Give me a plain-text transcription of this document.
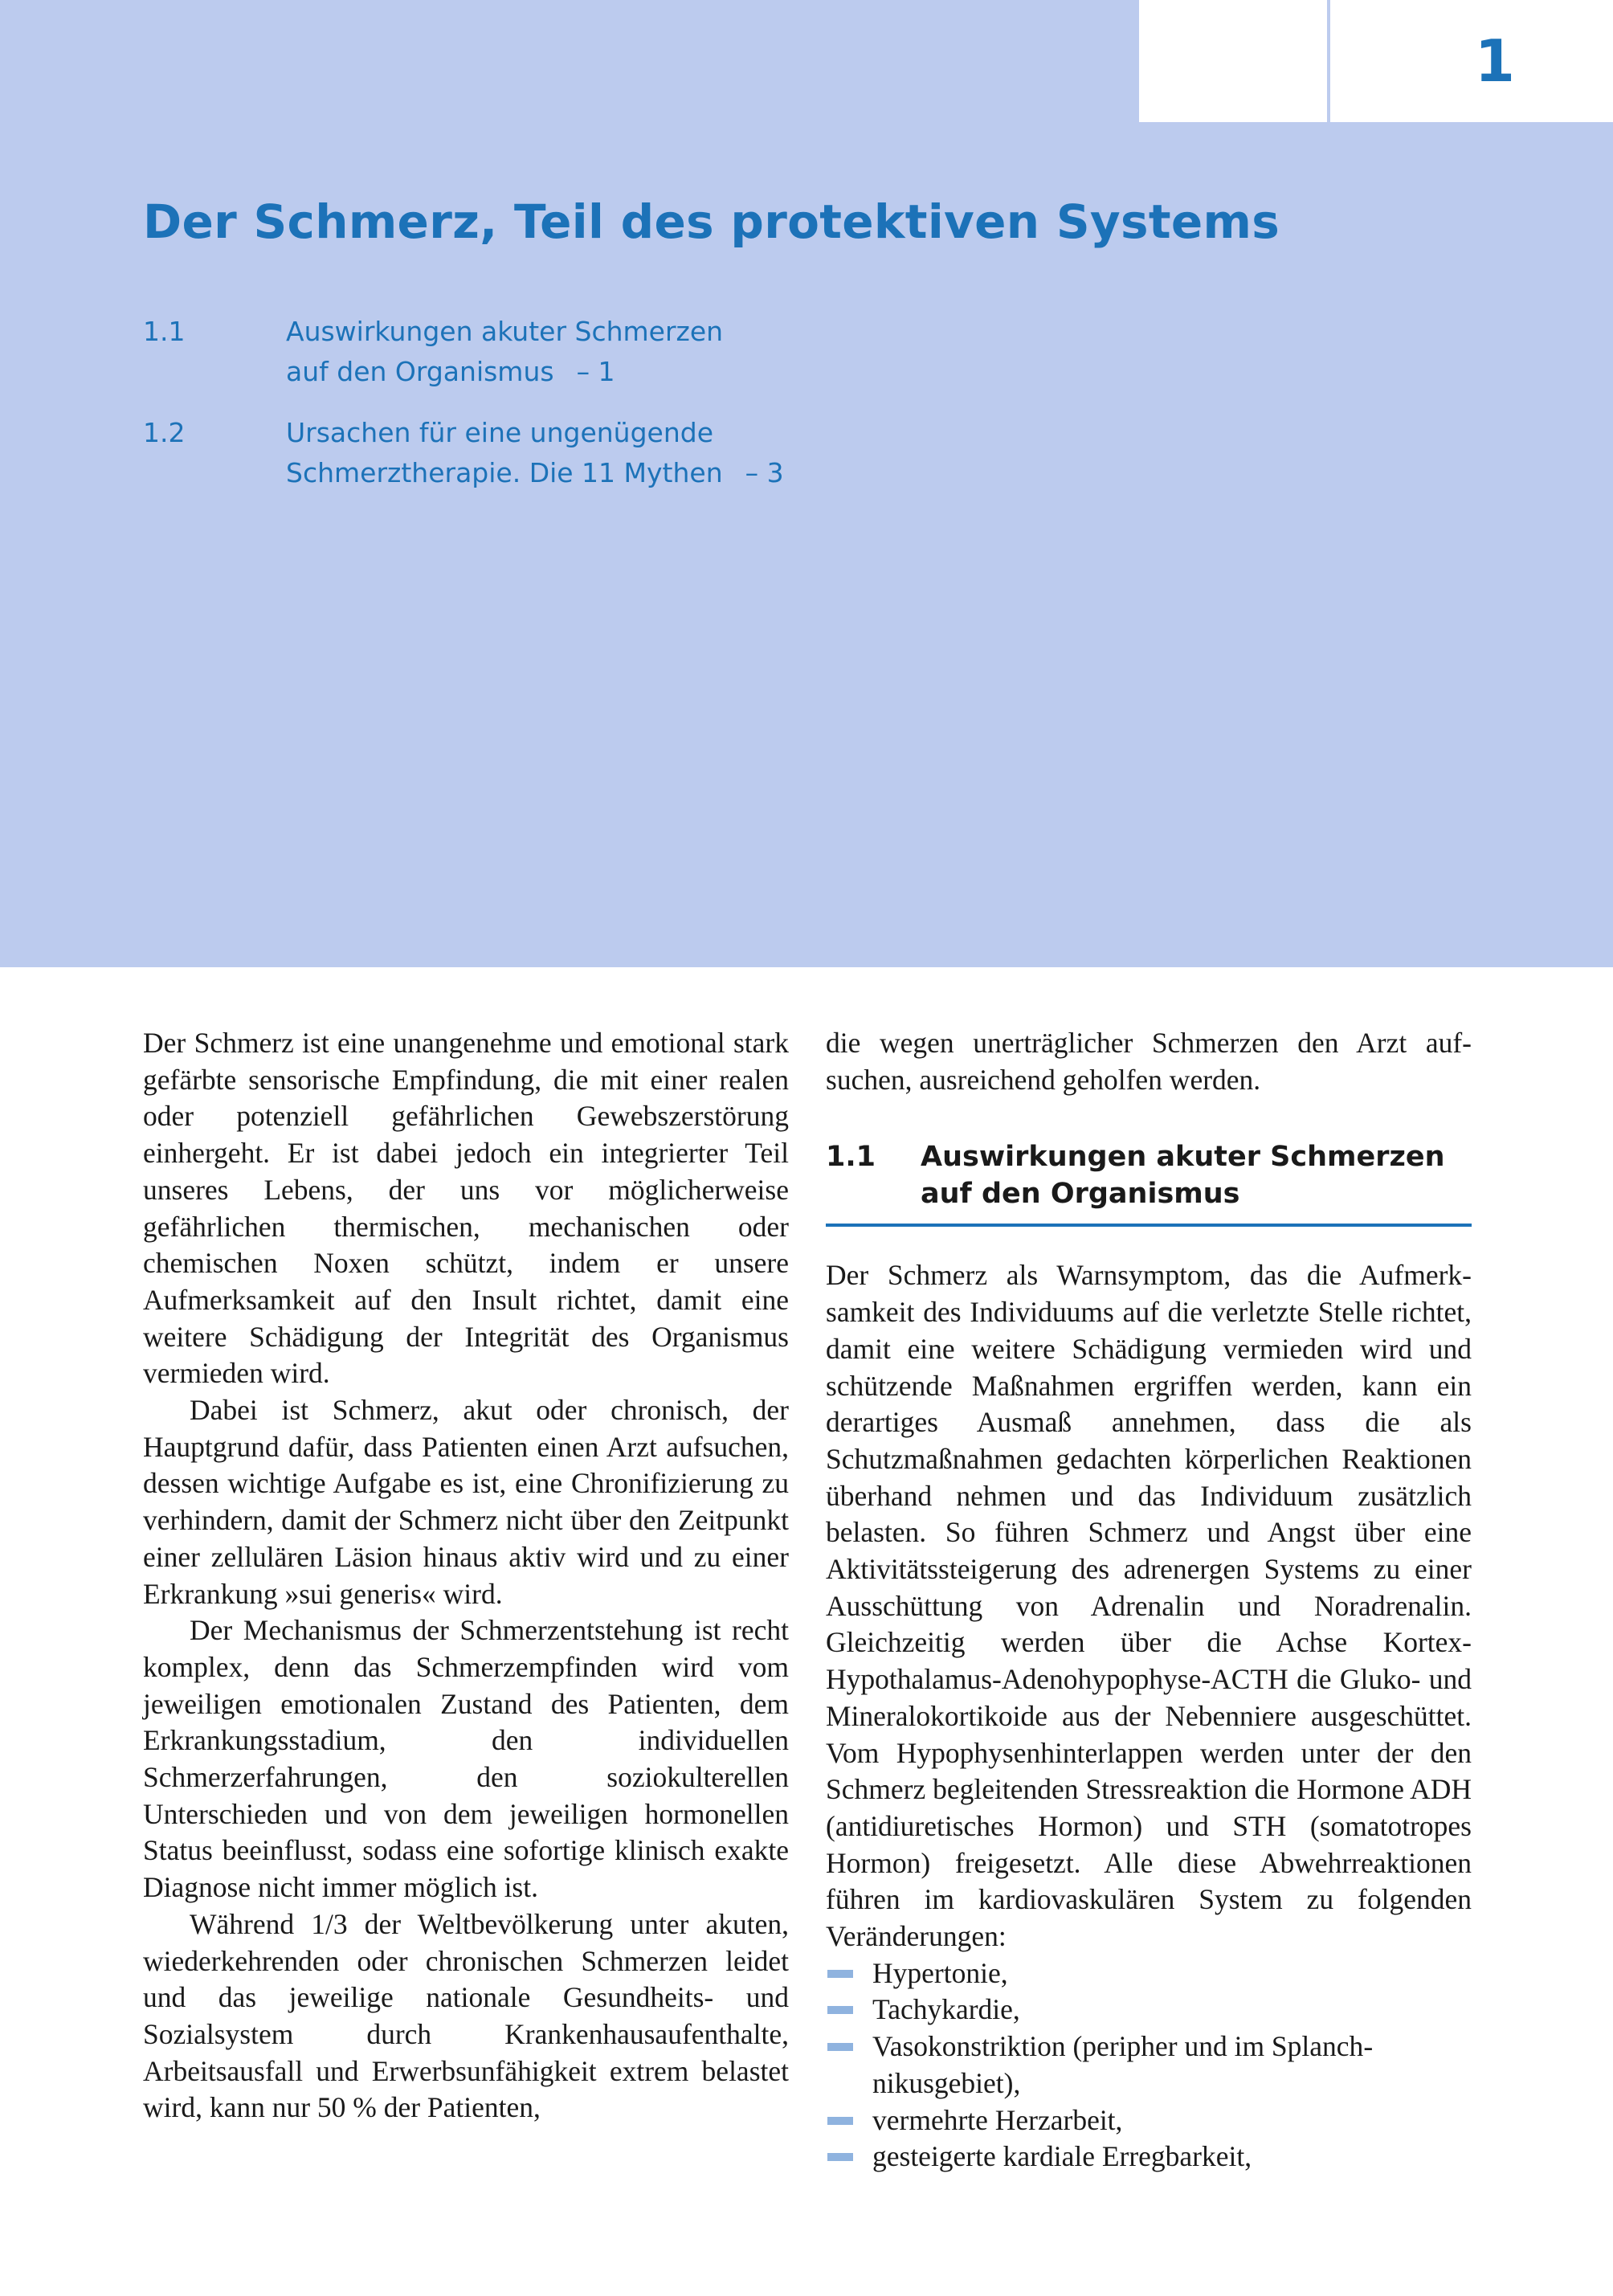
1
Der Schmerz, Teil des protektiven Systems
1.1	Auswirkungen akuter Schmerzen
auf den Organismus – 1
1.2	Ursachen für eine ungenügende
Schmerztherapie. Die 11 Mythen – 3

Der Schmerz ist eine unangenehme und emotional stark gefärbte sensorische Empfindung, die mit einer realen oder potenziell gefährlichen Gewebszerstörung einhergeht. Er ist dabei jedoch ein integrierter Teil unseres Lebens, der uns vor möglicherweise gefährlichen thermischen, mechanischen oder chemischen Noxen schützt, indem er unsere Aufmerksamkeit auf den Insult richtet, damit eine weitere Schädigung der Integrität des Organismus vermieden wird.

Dabei ist Schmerz, akut oder chronisch, der Hauptgrund dafür, dass Patienten einen Arzt aufsuchen, dessen wichtige Aufgabe es ist, eine Chronifizierung zu verhindern, damit der Schmerz nicht über den Zeitpunkt einer zellulären Läsion hinaus aktiv wird und zu einer Erkrankung »sui generis« wird.

Der Mechanismus der Schmerzentstehung ist recht komplex, denn das Schmerzempfinden wird vom jeweiligen emotionalen Zustand des Patienten, dem Erkrankungsstadium, den individuellen Schmerzerfahrungen, den soziokulterellen Unterschieden und von dem jeweiligen hormonellen Status beeinflusst, sodass eine sofortige klinisch exakte Diagnose nicht immer möglich ist.

Während 1/3 der Weltbevölkerung unter akuten, wiederkehrenden oder chronischen Schmerzen leidet und das jeweilige nationale Gesundheits- und Sozialsystem durch Krankenhausaufenthalte, Arbeitsausfall und Erwerbsunfähigkeit extrem belastet wird, kann nur 50 % der Patienten,

die wegen unerträglicher Schmerzen den Arzt aufsuchen, ausreichend geholfen werden.

1.1	Auswirkungen akuter Schmerzen
auf den Organismus

Der Schmerz als Warnsymptom, das die Aufmerksamkeit des Individuums auf die verletzte Stelle richtet, damit eine weitere Schädigung vermieden wird und schützende Maßnahmen ergriffen werden, kann ein derartiges Ausmaß annehmen, dass die als Schutzmaßnahmen gedachten körperlichen Reaktionen überhand nehmen und das Individuum zusätzlich belasten. So führen Schmerz und Angst über eine Aktivitätssteigerung des adrenergen Systems zu einer Ausschüttung von Adrenalin und Noradrenalin. Gleichzeitig werden über die Achse Kortex-Hypothalamus-Adenohypophyse-ACTH die Gluko- und Mineralokortikoide aus der Nebenniere ausgeschüttet. Vom Hypophysenhinterlappen werden unter der den Schmerz begleitenden Stressreaktion die Hormone ADH (antidiuretisches Hormon) und STH (somatotropes Hormon) freigesetzt. Alle diese Abwehrreaktionen führen im kardiovaskulären System zu folgenden Veränderungen:

Hypertonie,
Tachykardie,
Vasokonstriktion (peripher und im Splanchnikusgebiet),
vermehrte Herzarbeit,
gesteigerte kardiale Erregbarkeit,
